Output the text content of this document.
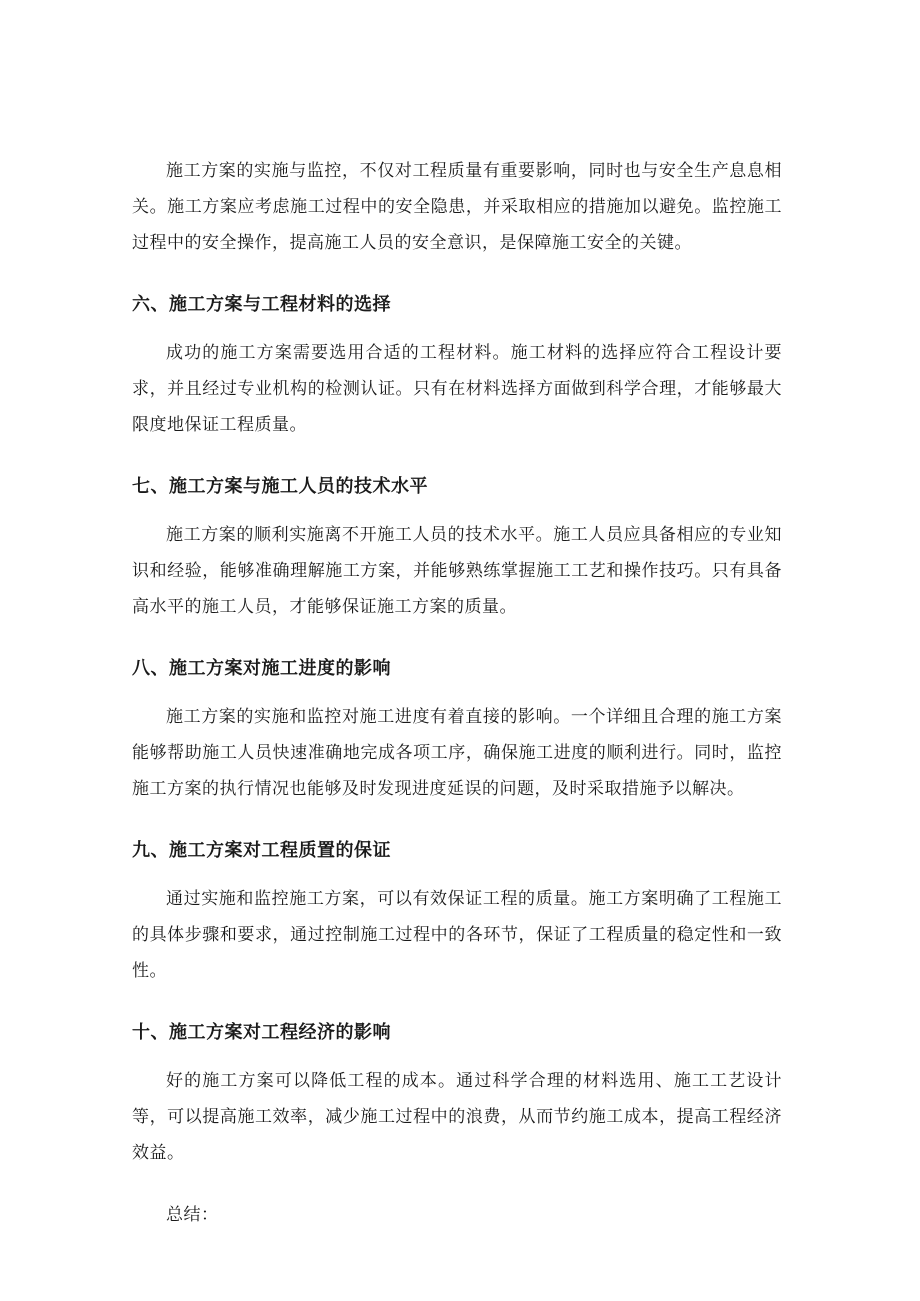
施工方案的实施与监控，不仅对工程质量有重要影响，同时也与安全生产息息相关。施工方案应考虑施工过程中的安全隐患，并采取相应的措施加以避免。监控施工过程中的安全操作，提高施工人员的安全意识，是保障施工安全的关键。

六、施工方案与工程材料的选择

成功的施工方案需要选用合适的工程材料。施工材料的选择应符合工程设计要求，并且经过专业机构的检测认证。只有在材料选择方面做到科学合理，才能够最大限度地保证工程质量。

七、施工方案与施工人员的技术水平

施工方案的顺利实施离不开施工人员的技术水平。施工人员应具备相应的专业知识和经验，能够准确理解施工方案，并能够熟练掌握施工工艺和操作技巧。只有具备高水平的施工人员，才能够保证施工方案的质量。

八、施工方案对施工进度的影响

施工方案的实施和监控对施工进度有着直接的影响。一个详细且合理的施工方案能够帮助施工人员快速准确地完成各项工序，确保施工进度的顺利进行。同时，监控施工方案的执行情况也能够及时发现进度延误的问题，及时采取措施予以解决。

九、施工方案对工程质置的保证

通过实施和监控施工方案，可以有效保证工程的质量。施工方案明确了工程施工的具体步骤和要求，通过控制施工过程中的各环节，保证了工程质量的稳定性和一致性。

十、施工方案对工程经济的影响

好的施工方案可以降低工程的成本。通过科学合理的材料选用、施工工艺设计等，可以提高施工效率，减少施工过程中的浪费，从而节约施工成本，提高工程经济效益。

总结：
